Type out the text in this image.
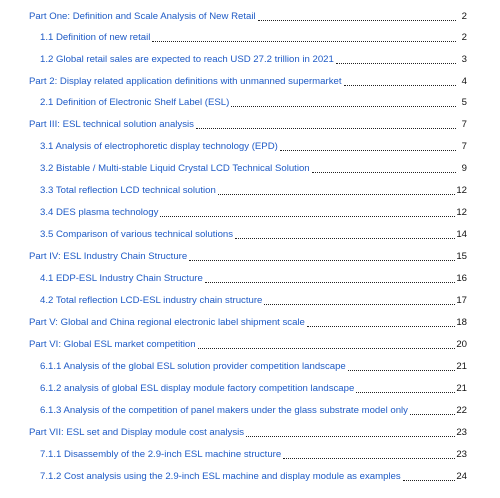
Part One: Definition and Scale Analysis of New Retail	2
1.1 Definition of new retail	2
1.2 Global retail sales are expected to reach USD 27.2 trillion in 2021	3
Part 2: Display related application definitions with unmanned supermarket	4
2.1 Definition of Electronic Shelf Label (ESL)	5
Part III: ESL technical solution analysis	7
3.1 Analysis of electrophoretic display technology (EPD)	7
3.2 Bistable / Multi-stable Liquid Crystal LCD Technical Solution	9
3.3 Total reflection LCD technical solution	12
3.4 DES plasma technology	12
3.5 Comparison of various technical solutions	14
Part IV: ESL Industry Chain Structure	15
4.1 EDP-ESL Industry Chain Structure	16
4.2 Total reflection LCD-ESL industry chain structure	17
Part V: Global and China regional electronic label shipment scale	18
Part VI: Global ESL market competition	20
6.1.1 Analysis of the global ESL solution provider competition landscape	21
6.1.2 analysis of global ESL display module factory competition landscape	21
6.1.3 Analysis of the competition of panel makers under the glass substrate model only	22
Part VII: ESL set and Display module cost analysis	23
7.1.1 Disassembly of the 2.9-inch ESL machine structure	23
7.1.2 Cost analysis using the 2.9-inch ESL machine and display module as examples	24
